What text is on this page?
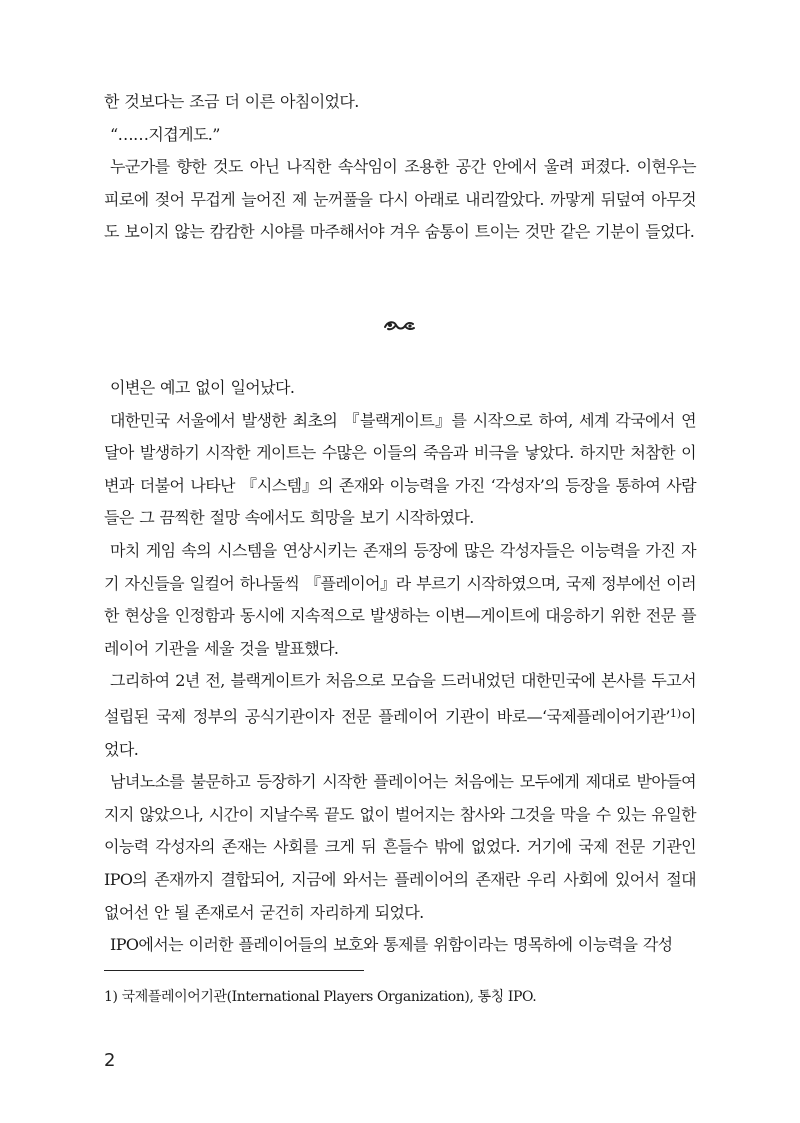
한 것보다는 조금 더 이른 아침이었다.

“……지겹게도.”

누군가를 향한 것도 아닌 나직한 속삭임이 조용한 공간 안에서 울려 퍼졌다. 이현우는 피로에 젖어 무겁게 늘어진 제 눈꺼풀을 다시 아래로 내리깔았다. 까맣게 뒤덮여 아무것도 보이지 않는 캄캄한 시야를 마주해서야 겨우 숨통이 트이는 것만 같은 기분이 들었다.

이변은 예고 없이 일어났다.

대한민국 서울에서 발생한 최초의 『블랙게이트』를 시작으로 하여, 세계 각국에서 연달아 발생하기 시작한 게이트는 수많은 이들의 죽음과 비극을 낳았다. 하지만 처참한 이변과 더불어 나타난 『시스템』의 존재와 이능력을 가진 ‘각성자’의 등장을 통하여 사람들은 그 끔찍한 절망 속에서도 희망을 보기 시작하였다.

마치 게임 속의 시스템을 연상시키는 존재의 등장에 많은 각성자들은 이능력을 가진 자기 자신들을 일컬어 하나둘씩 『플레이어』라 부르기 시작하였으며, 국제 정부에선 이러한 현상을 인정함과 동시에 지속적으로 발생하는 이변—게이트에 대응하기 위한 전문 플레이어 기관을 세울 것을 발표했다.

그리하여 2년 전, 블랙게이트가 처음으로 모습을 드러내었던 대한민국에 본사를 두고서 설립된 국제 정부의 공식기관이자 전문 플레이어 기관이 바로—‘국제플레이어기관’$^{1)}$이었다.

남녀노소를 불문하고 등장하기 시작한 플레이어는 처음에는 모두에게 제대로 받아들여지지 않았으나, 시간이 지날수록 끝도 없이 벌어지는 참사와 그것을 막을 수 있는 유일한 이능력 각성자의 존재는 사회를 크게 뒤 흔들수 밖에 없었다. 거기에 국제 전문 기관인 IPO의 존재까지 결합되어, 지금에 와서는 플레이어의 존재란 우리 사회에 있어서 절대 없어선 안 될 존재로서 굳건히 자리하게 되었다.

IPO에서는 이러한 플레이어들의 보호와 통제를 위함이라는 명목하에 이능력을 각성

1) 국제플레이어기관(International Players Organization), 통칭 IPO.
2
